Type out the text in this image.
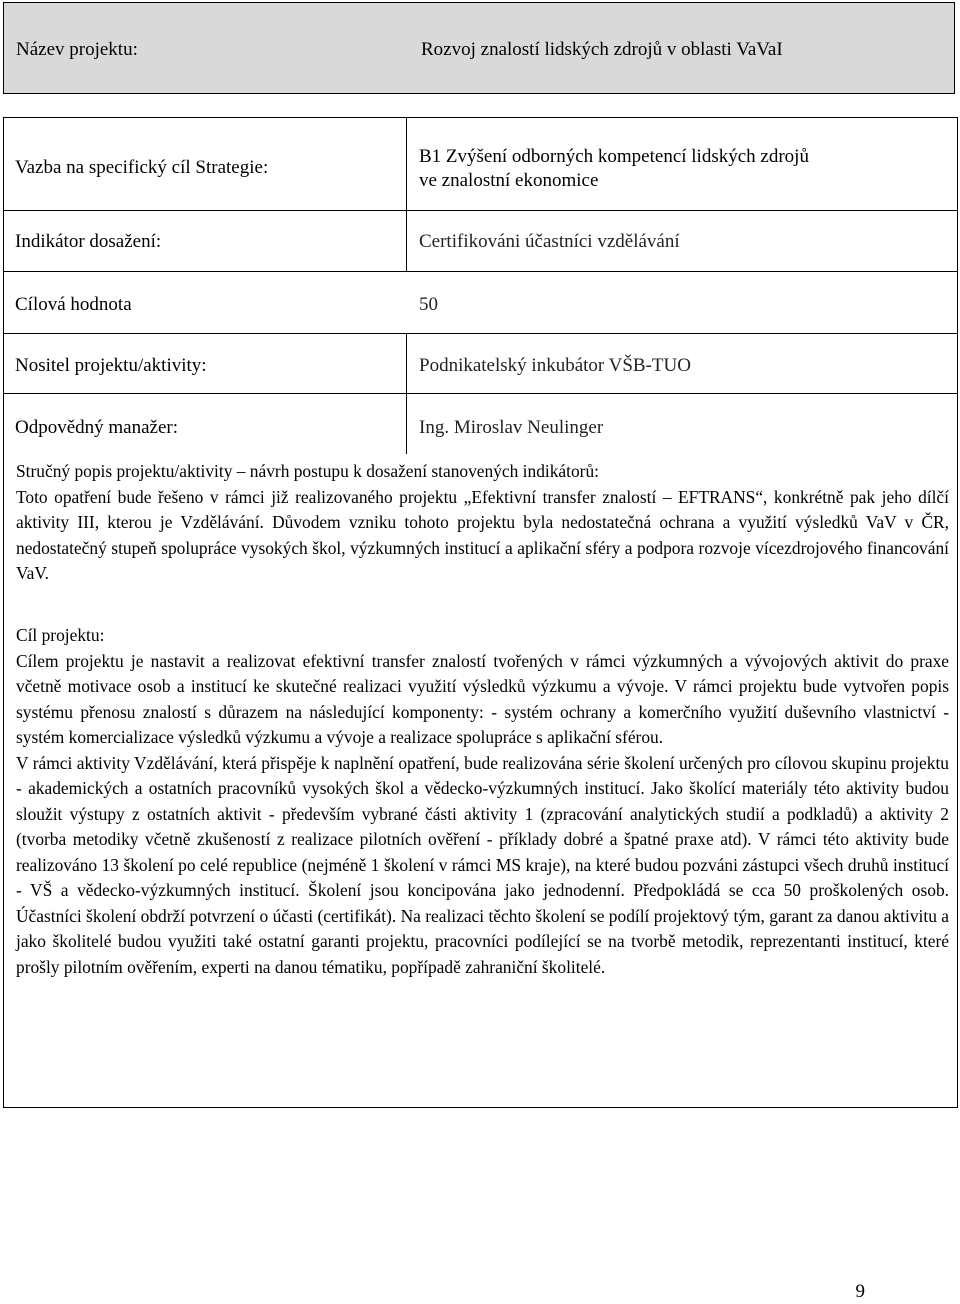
Název projektu:	Rozvoj znalostí lidských zdrojů v oblasti VaVaI
Vazba na specifický cíl Strategie:
B1 Zvýšení odborných kompetencí lidských zdrojů
ve znalostní ekonomice
Indikátor dosažení:	Certifikováni účastníci vzdělávání
Cílová hodnota	50
Nositel projektu/aktivity:	Podnikatelský inkubátor VŠB-TUO
Odpovědný manažer:	Ing. Miroslav Neulinger

Stručný popis projektu/aktivity – návrh postupu k dosažení stanovených indikátorů:

Toto opatření bude řešeno v rámci již realizovaného projektu „Efektivní transfer znalostí – EFTRANS“, konkrétně pak jeho dílčí aktivity III, kterou je Vzdělávání. Důvodem vzniku tohoto projektu byla nedostatečná ochrana a využití výsledků VaV v ČR, nedostatečný stupeň spolupráce vysokých škol, výzkumných institucí a aplikační sféry a podpora rozvoje vícezdrojového financování VaV.

Cíl projektu:

Cílem projektu je nastavit a realizovat efektivní transfer znalostí tvořených v rámci výzkumných a vývojových aktivit do praxe včetně motivace osob a institucí ke skutečné realizaci využití výsledků výzkumu a vývoje. V rámci projektu bude vytvořen popis systému přenosu znalostí s důrazem na následující komponenty: - systém ochrany a komerčního využití duševního vlastnictví - systém komercializace výsledků výzkumu a vývoje a realizace spolupráce s aplikační sférou.

V rámci aktivity Vzdělávání, která přispěje k naplnění opatření, bude realizována série školení určených pro cílovou skupinu projektu - akademických a ostatních pracovníků vysokých škol a vědecko-výzkumných institucí. Jako školící materiály této aktivity budou sloužit výstupy z ostatních aktivit - především vybrané části aktivity 1 (zpracování analytických studií a podkladů) a aktivity 2 (tvorba metodiky včetně zkušeností z realizace pilotních ověření - příklady dobré a špatné praxe atd). V rámci této aktivity bude realizováno 13 školení po celé republice (nejméně 1 školení v rámci MS kraje), na které budou pozváni zástupci všech druhů institucí - VŠ a vědecko-výzkumných institucí. Školení jsou koncipována jako jednodenní. Předpokládá se cca 50 proškolených osob. Účastníci školení obdrží potvrzení o účasti (certifikát). Na realizaci těchto školení se podílí projektový tým, garant za danou aktivitu a jako školitelé budou využiti také ostatní garanti projektu, pracovníci podílející se na tvorbě metodik, reprezentanti institucí, které prošly pilotním ověřením, experti na danou tématiku, popřípadě zahraniční školitelé.

9
